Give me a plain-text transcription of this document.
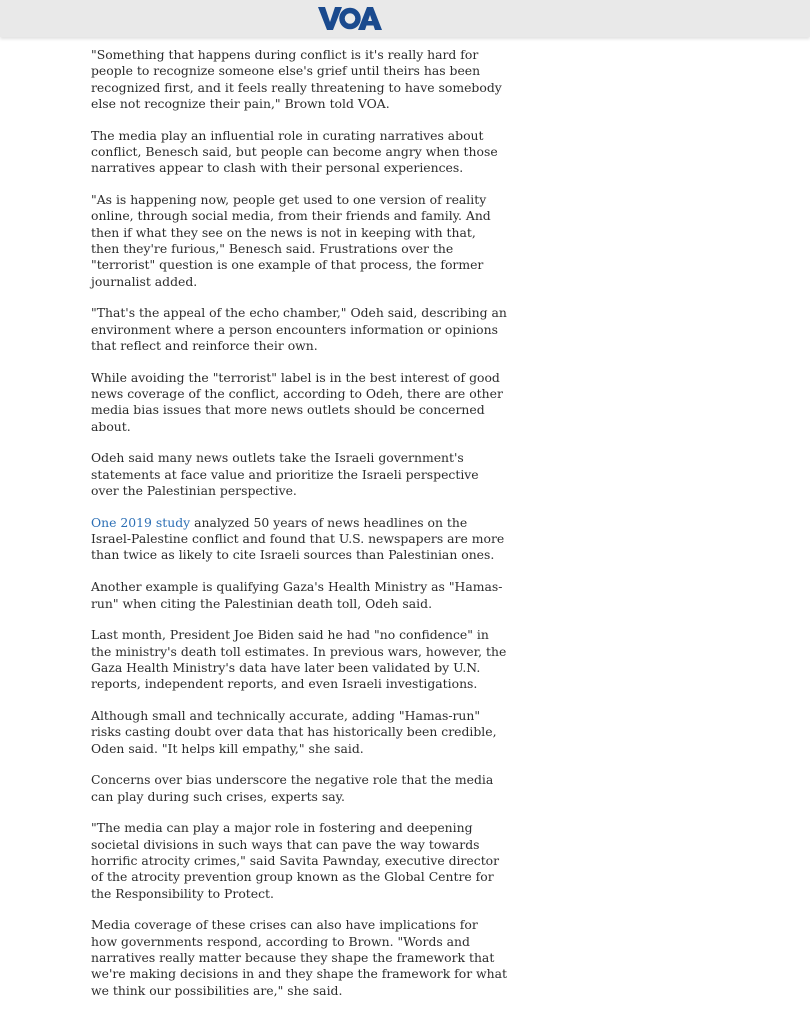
"Something that happens during conflict is it's really hard for people to recognize someone else's grief until theirs has been recognized first, and it feels really threatening to have somebody else not recognize their pain," Brown told VOA.

The media play an influential role in curating narratives about conflict, Benesch said, but people can become angry when those narratives appear to clash with their personal experiences.

"As is happening now, people get used to one version of reality online, through social media, from their friends and family. And then if what they see on the news is not in keeping with that, then they're furious," Benesch said. Frustrations over the "terrorist" question is one example of that process, the former journalist added.

"That's the appeal of the echo chamber," Odeh said, describing an environment where a person encounters information or opinions that reflect and reinforce their own.

While avoiding the "terrorist" label is in the best interest of good news coverage of the conflict, according to Odeh, there are other media bias issues that more news outlets should be concerned about.

Odeh said many news outlets take the Israeli government's statements at face value and prioritize the Israeli perspective over the Palestinian perspective.

One 2019 study analyzed 50 years of news headlines on the Israel-Palestine conflict and found that U.S. newspapers are more than twice as likely to cite Israeli sources than Palestinian ones.

Another example is qualifying Gaza's Health Ministry as "Hamas-run" when citing the Palestinian death toll, Odeh said.

Last month, President Joe Biden said he had "no confidence" in the ministry's death toll estimates. In previous wars, however, the Gaza Health Ministry's data have later been validated by U.N. reports, independent reports, and even Israeli investigations.

Although small and technically accurate, adding "Hamas-run" risks casting doubt over data that has historically been credible, Oden said. "It helps kill empathy," she said.

Concerns over bias underscore the negative role that the media can play during such crises, experts say.

"The media can play a major role in fostering and deepening societal divisions in such ways that can pave the way towards horrific atrocity crimes," said Savita Pawnday, executive director of the atrocity prevention group known as the Global Centre for the Responsibility to Protect.

Media coverage of these crises can also have implications for how governments respond, according to Brown. "Words and narratives really matter because they shape the framework that we're making decisions in and they shape the framework for what we think our possibilities are," she said.
